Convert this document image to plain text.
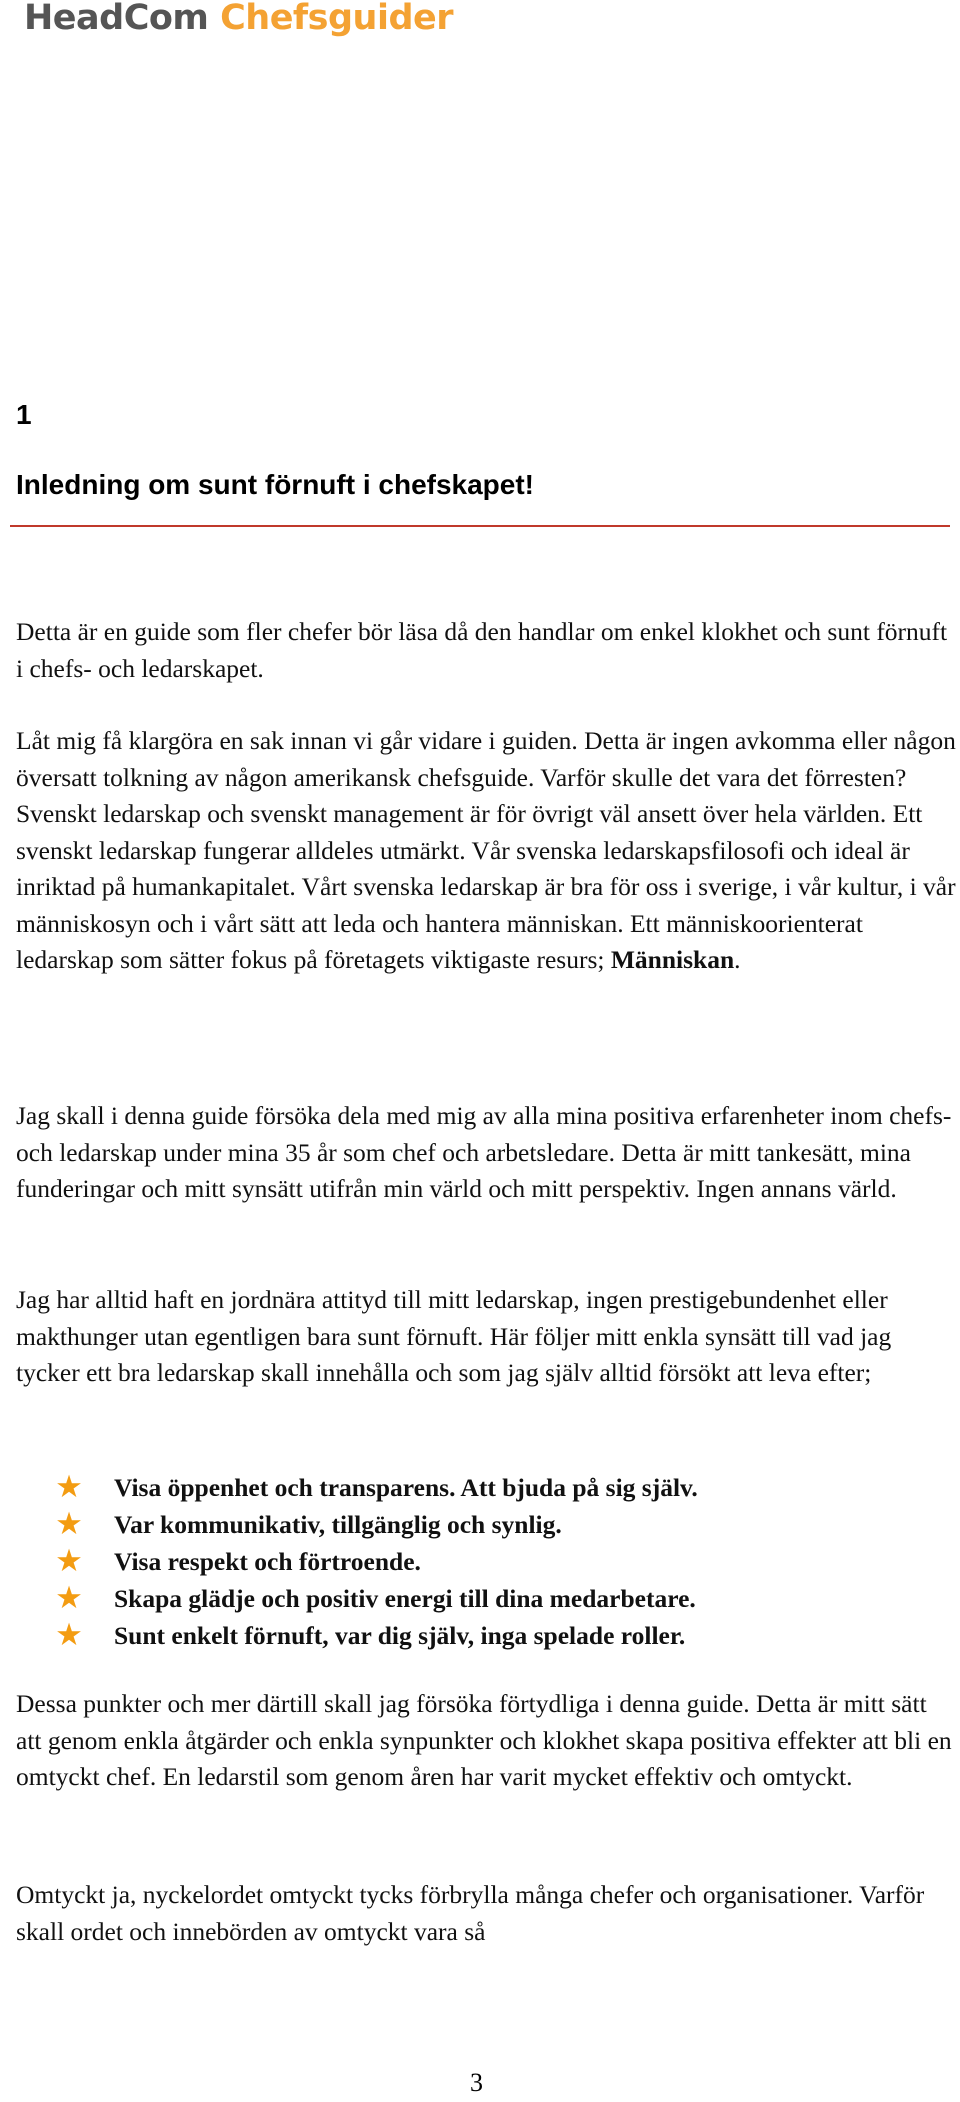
HeadCom Chefsguider
1
Inledning om sunt förnuft i chefskapet!

Detta är en guide som fler chefer bör läsa då den handlar om enkel klokhet och sunt förnuft i chefs- och ledarskapet.

Låt mig få klargöra en sak innan vi går vidare i guiden. Detta är ingen avkomma eller någon översatt tolkning av någon amerikansk chefsguide. Varför skulle det vara det förresten? Svenskt ledarskap och svenskt management är för övrigt väl ansett över hela världen. Ett svenskt ledarskap fungerar alldeles utmärkt. Vår svenska ledarskapsfilosofi och ideal är inriktad på humankapitalet. Vårt svenska ledarskap är bra för oss i sverige, i vår kultur, i vår människosyn och i vårt sätt att leda och hantera människan. Ett människoorienterat ledarskap som sätter fokus på företagets viktigaste resurs; Människan.

Jag skall i denna guide försöka dela med mig av alla mina positiva erfarenheter inom chefs- och ledarskap under mina 35 år som chef och arbetsledare. Detta är mitt tankesätt, mina funderingar och mitt synsätt utifrån min värld och mitt perspektiv. Ingen annans värld.

Jag har alltid haft en jordnära attityd till mitt ledarskap, ingen prestigebundenhet eller makthunger utan egentligen bara sunt förnuft. Här följer mitt enkla synsätt till vad jag tycker ett bra ledarskap skall innehålla och som jag själv alltid försökt att leva efter;

★ Visa öppenhet och transparens. Att bjuda på sig själv.
★ Var kommunikativ, tillgänglig och synlig.
★ Visa respekt och förtroende.
★ Skapa glädje och positiv energi till dina medarbetare.
★ Sunt enkelt förnuft, var dig själv, inga spelade roller.

Dessa punkter och mer därtill skall jag försöka förtydliga i denna guide. Detta är mitt sätt att genom enkla åtgärder och enkla synpunkter och klokhet skapa positiva effekter att bli en omtyckt chef. En ledarstil som genom åren har varit mycket effektiv och omtyckt.

Omtyckt ja, nyckelordet omtyckt tycks förbrylla många chefer och organisationer. Varför skall ordet och innebörden av omtyckt vara så

3
